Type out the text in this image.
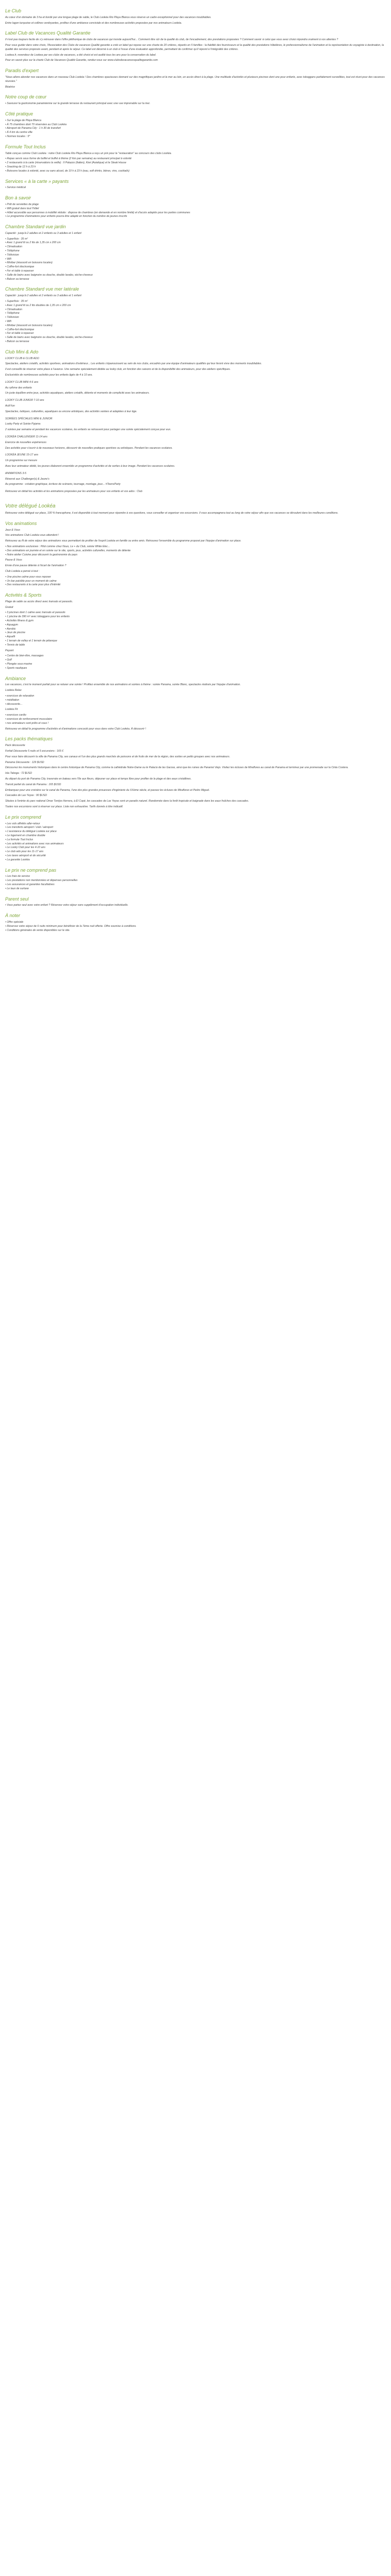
Le Club

Au cœur d'un domaine de 3 ha et bordé par une longue plage de sable, le Club Lookéa Rio Playa Blanca vous réserve un cadre exceptionnel pour des vacances inoubliables.

Entre lagon turquoise et collines verdoyantes, profitez d'une ambiance conviviale et des nombreuses activités proposées par nos animateurs Lookéa.

Label Club de Vacances Qualité Garantie

Il n'est pas toujours facile de s'y retrouver dans l'offre pléthorique de clubs de vacances qui inonde aujourd'hui... Comment être sûr de la qualité du club, de l'encadrement, des prestations proposées ? Comment savoir si celui que vous avez choisi répondra vraiment à vos attentes ?

Pour vous guider dans votre choix, l'Association des Clubs de vacances Qualité garantie a créé un label qui repose sur une charte de 20 critères, répartis en 5 familles : la fiabilité des fournisseurs et la qualité des prestations hôtelières, le professionnalisme de l'animation et la représentation du voyagiste à destination, la qualité des services proposés avant, pendant et après le séjour. Ce label est décerné à un club à l'issue d'une évaluation approfondie, permettant de confirmer qu'il répond à l'intégralité des critères.

Lookea.fr, revendeur de Lookea par ses clubs de vacances, a été choisi et est audité tous les ans pour la conservation du label.

Pour en savoir plus sur la charte Club de Vacances Qualité Garantie, rendez-vous sur www.clubsdevacancesqualitegarantie.com

Paradis d'expert

"Nous allons aborder nos vacances dans un nouveau Club Lookéa ! Des chambres spacieuses donnant sur des magnifiques jardins et la mer au loin, un accès direct à la plage. Une multitude d'activités et plusieurs piscines dont une pour enfants, avec toboggans parfaitement surveillées, tout est réuni pour des vacances réussies."

Béatrice

Notre coup de cœur
• Savourer la gastronomie panaméenne sur la grande terrasse du restaurant principal avec une vue imprenable sur la mer.
Côté pratique
• Sur la plage de Playa Blanca
• À 75 chambres dont 70 réservées au Club Lookéa
• Aéroport de Panama City : 1 h 30 de transfert
• À 4 km du centre ville
• Normes locales : 5*
Formule Tout Inclus

Table conçue comme Club Lookéa : notre Club Lookéa Rio Playa Blanca a reçu un prix pour la "restauration" au concours des clubs Lookéa.

• Repas servis sous forme de buffet et buffet à thème (2 fois par semaine) au restaurant principal à volonté
• 2 restaurants à la carte (réservations la veille) : Il Palazzo (Italien), Kiwi (Asiatique) et le Steak House
• Snacking de 12 h à 23 h
• Boissons locales à volonté, avec ou sans alcool, de 10 h à 23 h (eau, soft drinks, bières, vins, cocktails)
Services « à la carte » payants
• Service médical
Bon à savoir
• Prêt de serviettes de plage
• Wifi gratuit dans tout l'hôtel
• Hôtel accessible aux personnes à mobilité réduite : dispose de chambres (en demande et en nombre limité) et d'accès adaptés pour les parties communes
• Le programme d'animations pour enfants pourra être adapté en fonction du nombre de jeunes inscrits
Chambre Standard vue jardin

Capacité : jusqu'à 2 adultes et 2 enfants ou 3 adultes et 1 enfant

• Superficie : 35 m²
• Avec 1 grand lit ou 2 lits de 1,35 cm x 200 cm
• Climatisation
• Téléphone
• Télévision
• Wifi
• Minibar (réassorti en boissons locales)
• Coffre-fort électronique
• Fer et table à repasser
• Salle de bains avec baignoire ou douche, double lavabo, sèche-cheveux
• Balcon ou terrasse
Chambre Standard vue mer latérale

Capacité : jusqu'à 2 adultes et 2 enfants ou 3 adultes et 1 enfant

• Superficie : 35 m²
• Avec 1 grand lit ou 2 lits doubles de 1,35 cm x 200 cm
• Climatisation
• Téléphone
• Télévision
• Wifi
• Minibar (réassorti en boissons locales)
• Coffre-fort électronique
• Fer et table à repasser
• Salle de bains avec baignoire ou douche, double lavabo, sèche-cheveux
• Balcon ou terrasse
Club Mini & Ado

LOOKY CLUB & CLUB ADO

Spectacles, ateliers créatifs, activités sportives, animations d'extérieur... Les enfants s'épanouissent au sein de nos clubs, encadrés par une équipe d'animateurs qualifiés qui leur feront vivre des moments inoubliables.

Il est conseillé de réserver votre place à l'avance. Une semaine spécialement dédiée au looky club, en fonction des saisons et de la disponibilité des animateurs, pour des ateliers spécifiques.

Exclusivités de nombreuses activités pour les enfants âgés de 4 à 10 ans.

LOOKY CLUB MINI 4-6 ans

Au rythme des enfants

Un juste équilibre entre jeux, activités aquatiques, ateliers créatifs, détente et moments de complicité avec les animateurs.

LOOKY CLUB JUNIOR 7-10 ans

Actif fun

Spectacles, ludiques, culturelles, aquatiques ou encore artistiques, des activités variées et adaptées à leur âge.

SOIRÉES SPÉCIALES MINI & JUNIOR

Looky Party et Soirée Pyjama

2 soirées par semaine et pendant les vacances scolaires, les enfants se retrouvent pour partager une soirée spécialement conçue pour eux.

LOOKÉA CHALLENGER 11-14 ans

Exercice de nouvelles expériences

Des activités pour s'ouvrir à de nouveaux horizons, découvrir de nouvelles pratiques sportives ou artistiques. Pendant les vacances scolaires.

LOOKÉA JEUNE 15-17 ans

Un programme sur mesure

Avec leur animateur dédié, les jeunes élaborent ensemble un programme d'activités et de sorties à leur image. Pendant les vacances scolaires.

ANIMATIONS 3-5

Réservé aux Challenger(s) & Jeune's

Au programme : création graphique, écriture de scénario, tournage, montage, jeux... #TeensParty

Retrouvez en détail les activités et les animations proposées par les animateurs pour vos enfants et vos ados : Club

Votre délégué Lookéa

Retrouvez votre délégué sur place, 100 % francophone, il est disponible à tout moment pour répondre à vos questions, vous conseiller et organiser vos excursions. Il vous accompagnera tout au long de votre séjour afin que vos vacances se déroulent dans les meilleures conditions.

Vos animations

Jeux & Vous

Vos animations Club Lookéa vous attendent !

Retrouvez au fil de votre séjour des animations vous permettant de profiter de l'esprit Lookéa en famille ou entre amis. Retrouvez l'ensemble du programme proposé par l'équipe d'animation sur place.

• Nos animations exclusives : Pilot comme chez Nous, Le + du Club, soirée White Elec...
• Des animations en journée et en soirée sur le site, sports, jeux, activités culturelles, moments de détente
• Notre atelier Cuisine pour découvrir la gastronomie du pays

Pause & Vous

Envie d'une pause détente à l'écart de l'animation ?

Club Lookéa a pensé à tout :

• Une piscine calme pour vous reposer
• Un bar paisible pour un moment de calme
• Des restaurants à la carte pour plus d'intimité
Activités & Sports

Plage de sable ou accès direct avec transats et parasols.

Gratuit

• 3 piscines dont 1 calme avec transats et parasols
• 1 piscine de 390 m² avec toboggans pour les enfants
• Activités fitness & gym
• Aquagym
• Aerobic
• Jeux de piscine
• Aquafit
• 1 terrain de volley et 1 terrain de pétanque
• Tennis de table

Payant

• Centre de bien-être, massages
• Golf
• Plongée sous-marine
• Sports nautiques
Ambiance

Les vacances, c'est le moment parfait pour se relaxer une soirée ! Profitez ensemble de nos animations et soirées à thème : soirée Panama, soirée Blanc, spectacles réalisés par l'équipe d'animation.

Lookéa Relax

• exercices de relaxation
• méditation
• découverte...

Lookéa Fit

• exercices cardio
• exercices de renforcement musculaire
• nos animateurs sont prêts et vous !

Retrouvez en détail le programme d'activités et d'animations concocté pour vous dans votre Club Lookéa. À découvrir !

Les packs thématiques

Pack découverte

Forfait Découverte 5 nuits et 5 excursions : 165 €

Pour vous faire découvrir la ville de Panama City, ses canaux et l'un des plus grands marchés de poissons et de fruits de mer de la région, des sorties en petits groupes avec nos animateurs.

Panama Découverte : 129 $USD

Découvrez les monuments historiques dans le centre historique de Panama City, comme la cathédrale Notre-Dame ou le Palacio de las Garzas, ainsi que les ruines de Panamá Viejo. Visitez les écluses de Miraflores au canal de Panama et terminez par une promenade sur la Cinta Costera.

Isla Taboga : 72 $USD

Au départ du port de Panama City, traversée en bateau vers l'île aux fleurs, déjeuner sur place et temps libre pour profiter de la plage et des eaux cristallines.

Transit partiel du canal de Panama : 165 $USD

Embarquez pour une croisière sur le canal de Panama, l'une des plus grandes prouesses d'ingénierie du XXème siècle, et passez les écluses de Miraflores et Pedro Miguel.

Cascades de Las Yeyas : 90 $USD

Situées à l'entrée du parc national Omar Torrijos Herrera, à El Copé, les cascades de Las Yeyas sont un paradis naturel. Randonnée dans la forêt tropicale et baignade dans les eaux fraîches des cascades.

Toutes nos excursions sont à réserver sur place. Liste non exhaustive. Tarifs donnés à titre indicatif.

Le prix comprend
• Les vols affrétés aller-retour
• Les transferts aéroport / club / aéroport
• L'assistance du délégué Lookéa sur place
• Le logement en chambre double
• La formule Tout Inclus
• Les activités et animations avec nos animateurs
• Le Looky Club pour les 4-10 ans
• Le club ado pour les 11-17 ans
• Les taxes aéroport et de sécurité
• La garantie Lookéa
Le prix ne comprend pas
• Les frais de service
• Les prestations non mentionnées et dépenses personnelles
• Les assurances et garanties facultatives
• Le taux de surtaxe
Parent seul
• Vous partez seul avec votre enfant ? Réservez votre séjour sans supplément d'occupation individuelle.
À noter
• Offre spéciale
• Réservez votre séjour de 6 nuits minimum pour bénéficier de la 7ème nuit offerte. Offre soumise à conditions.
• Conditions générales de vente disponibles sur le site.
